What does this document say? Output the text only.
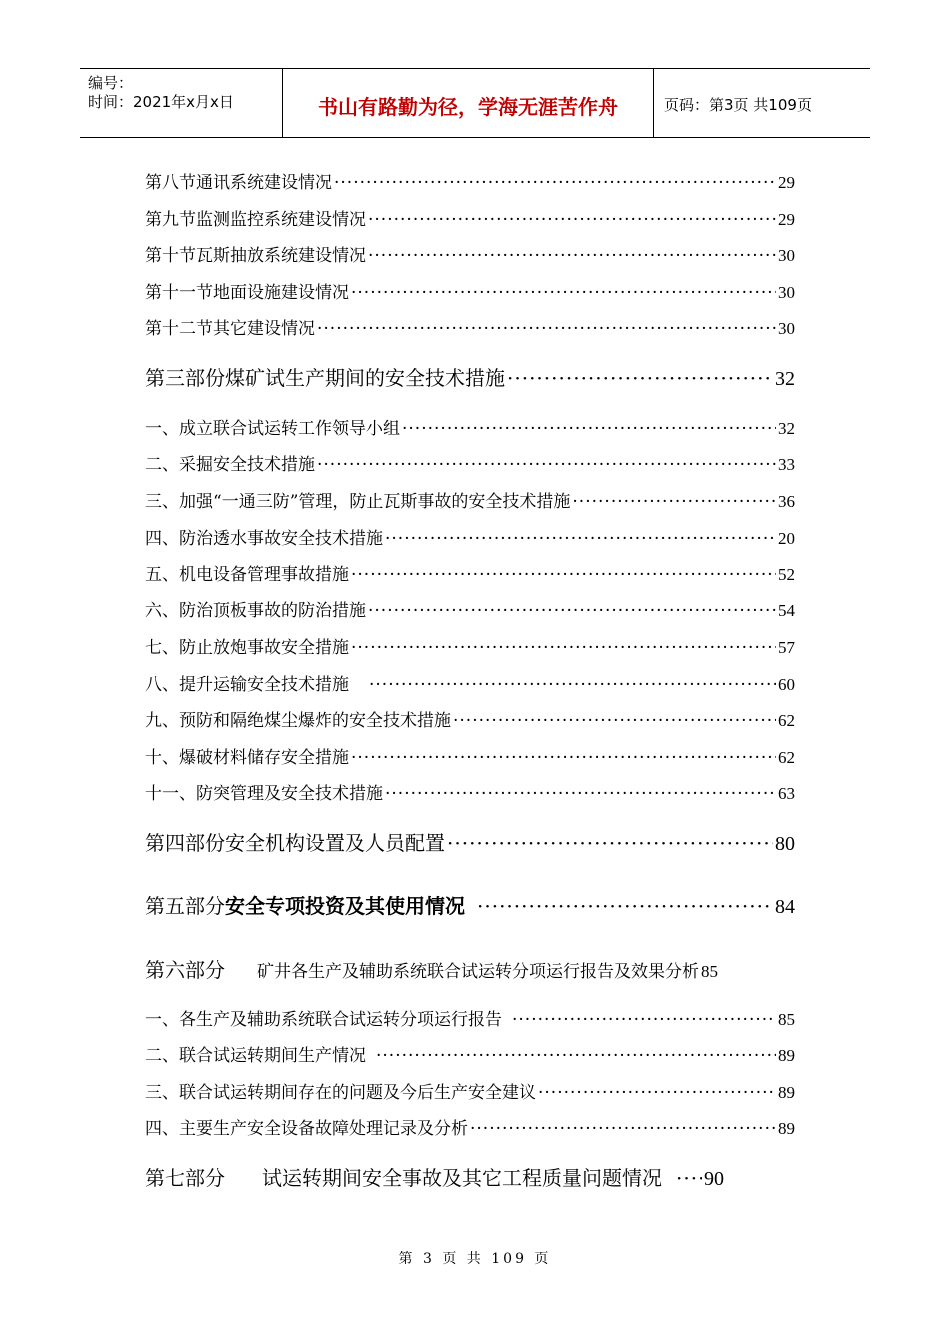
编号：
时间：2021年x月x日	书山有路勤为径，学海无涯苦作舟	页码：第3页 共109页
第八节 通讯系统建设情况 ·····	29
第九节 监测监控系统建设情况 ·····	29
第十节 瓦斯抽放系统建设情况 ·····	30
第十一节 地面设施建设情况 ·····	30
第十二节 其它建设情况 ·····	30
第三部份 煤矿试生产期间的安全技术措施 ·····	32
一、成立联合试运转工作领导小组 ·····	32
二、采掘安全技术措施 ·····	33
三、加强“一通三防”管理，防止瓦斯事故的安全技术措施 ·····	36
四、防治透水事故安全技术措施 ·····	20
五、机电设备管理事故措施 ·····	52
六、防治顶板事故的防治措施 ·····	54
七、防止放炮事故安全措施 ·····	57
八、提升运输安全技术措施 ·····	60
九、预防和隔绝煤尘爆炸的安全技术措施 ·····	62
十、爆破材料储存安全措施 ·····	62
十一、防突管理及安全技术措施 ·····	63
第四部份 安全机构设置及人员配置 ·····	80
第五部分 安全专项投资及其使用情况 ·····	84
第六部分	矿井各生产及辅助系统联合试运转分项运行报告及效果分析 85
一、各生产及辅助系统联合试运转分项运行报告 ·····	85
二、联合试运转期间生产情况 ·····	89
三、联合试运转期间存在的问题及今后生产安全建议 ·····	89
四、主要生产安全设备故障处理记录及分析 ·····	89
第七部分	试运转期间安全事故及其它工程质量问题情况 ····· 90
第 3 页 共 109 页
